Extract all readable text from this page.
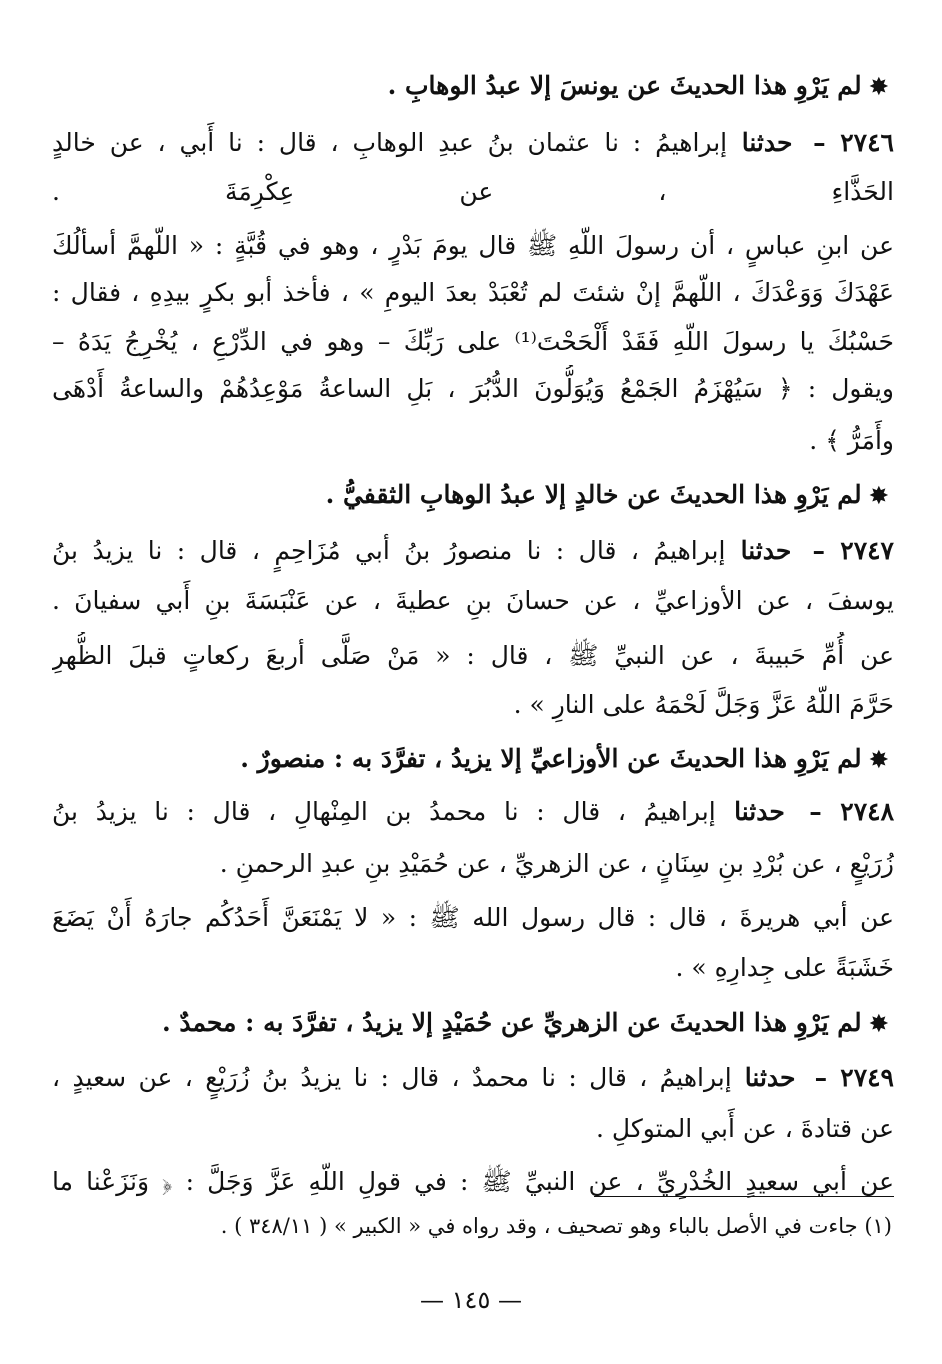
✸لم يَرْوِ هذا الحديثَ عن يونسَ إلا عبدُ الوهابِ .
٢٧٤٦ – حدثنا إبراهيمُ : نا عثمان بنُ عبدِ الوهابِ ، قال : نا أَبي ، عن خالدٍ
الحَذَّاءِ ، عن عِكْرِمَةَ .
عن ابنِ عباسٍ ، أن رسولَ اللّهِ ﷺ قال يومَ بَدْرٍ ، وهو في قُبَّةٍ : « اللّهمَّ أسألُكَ
عَهْدَكَ وَوَعْدَكَ ، اللّهمَّ إنْ شئتَ لم تُعْبَدْ بعدَ اليومِ » ، فأخذ أبو بكرٍ بيدِهِ ، فقال :
حَسْبُكَ يا رسولَ اللّهِ فَقَدْ أَلْحَحْتَ⁽¹⁾ على رَبِّكَ – وهو في الدِّرْعِ ، يُخْرِجُ يَدَهُ –
ويقول : ﴿ سَيُهْزَمُ الجَمْعُ وَيُوَلُّونَ الدُّبُرَ ، بَلِ الساعةُ مَوْعِدُهُمْ والساعةُ أَدْهَى
وأَمَرُّ ﴾ .
✸لم يَرْوِ هذا الحديثَ عن خالدٍ إلا عبدُ الوهابِ الثقفيُّ .
٢٧٤٧ – حدثنا إبراهيمُ ، قال : نا منصورُ بنُ أبي مُزَاحِمٍ ، قال : نا يزيدُ بنُ
يوسفَ ، عن الأوزاعيِّ ، عن حسانَ بنِ عطيةَ ، عن عَنْبَسَةَ بنِ أَبي سفيانَ .
عن أُمِّ حَبيبةَ ، عن النبيِّ ﷺ ، قال : « مَنْ صَلَّى أربعَ ركعاتٍ قبلَ الظُّهرِ
حَرَّمَ اللّهُ عَزَّ وَجَلَّ لَحْمَهُ على النارِ » .
✸لم يَرْوِ هذا الحديثَ عن الأوزاعيِّ إلا يزيدُ ، تفرَّدَ به : منصورٌ .
٢٧٤٨ – حدثنا إبراهيمُ ، قال : نا محمدُ بن المِنْهالِ ، قال : نا يزيدُ بنُ
زُرَيْعٍ ، عن بُرْدِ بنِ سِنَانٍ ، عن الزهريِّ ، عن حُمَيْدِ بنِ عبدِ الرحمنِ .
عن أبي هريرةَ ، قال : قال رسول الله ﷺ : « لا يَمْنَعَنَّ أَحَدُكُم جارَهُ أَنْ يَضَعَ
خَشَبَةً على جِدارِهِ » .
✸لم يَرْوِ هذا الحديثَ عن الزهريِّ عن حُمَيْدٍ إلا يزيدُ ، تفرَّدَ به : محمدٌ .
٢٧٤٩ – حدثنا إبراهيمُ ، قال : نا محمدٌ ، قال : نا يزيدُ بنُ زُرَيْعٍ ، عن سعيدٍ ،
عن قتادةَ ، عن أَبي المتوكلِ .
عن أبي سعيدٍ الخُدْرِيِّ ، عن النبيِّ ﷺ : في قولِ اللّهِ عَزَّ وَجَلَّ : ﴿ وَنَزَعْنا ما
(١) جاءت في الأصل بالباء وهو تصحيف ، وقد رواه في « الكبير » ( ٣٤٨/١١ ) .
— ١٤٥ —
